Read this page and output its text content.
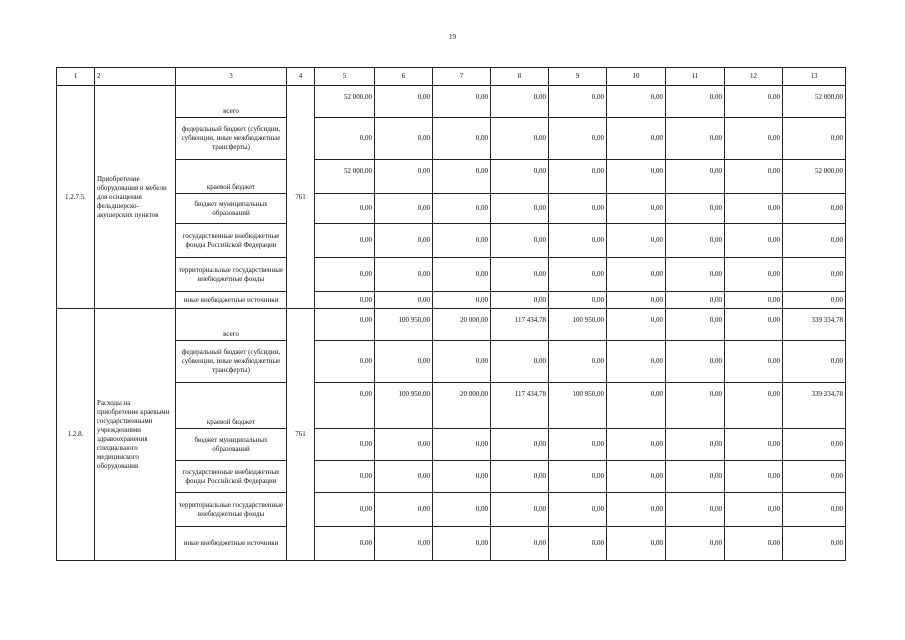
19
1	2	3	4	5	6	7	8	9	10	11	12	13
1.2.7.5.	Приобретение оборудования и мебели для оснащения фельдшерско-акушерских пунктов	всего	761	52 000,00	0,00	0,00	0,00	0,00	0,00	0,00	0,00	52 000,00
		федеральный бюджет (субсидии, субвенции, иные межбюджетные трансферты)		0,00	0,00	0,00	0,00	0,00	0,00	0,00	0,00	0,00
		краевой бюджет		52 000,00	0,00	0,00	0,00	0,00	0,00	0,00	0,00	52 000,00
		бюджет муниципальных образований		0,00	0,00	0,00	0,00	0,00	0,00	0,00	0,00	0,00
		государственные внебюджетные фонды Российской Федерации		0,00	0,00	0,00	0,00	0,00	0,00	0,00	0,00	0,00
		территориальные государственные внебюджетные фонды		0,00	0,00	0,00	0,00	0,00	0,00	0,00	0,00	0,00
		иные внебюджетные источники		0,00	0,00	0,00	0,00	0,00	0,00	0,00	0,00	0,00
1.2.8.	Расходы на приобретение краевыми государственными учреждениями здравоохранения специального медицинского оборудования	всего	761	0,00	100 950,00	20 000,00	117 434,78	100 950,00	0,00	0,00	0,00	339 334,78
		федеральный бюджет (субсидии, субвенции, иные межбюджетные трансферты)		0,00	0,00	0,00	0,00	0,00	0,00	0,00	0,00	0,00
		краевой бюджет		0,00	100 950,00	20 000,00	117 434,78	100 950,00	0,00	0,00	0,00	339 334,78
		бюджет муниципальных образований		0,00	0,00	0,00	0,00	0,00	0,00	0,00	0,00	0,00
		государственные внебюджетные фонды Российской Федерации		0,00	0,00	0,00	0,00	0,00	0,00	0,00	0,00	0,00
		территориальные государственные внебюджетные фонды		0,00	0,00	0,00	0,00	0,00	0,00	0,00	0,00	0,00
		иные внебюджетные источники		0,00	0,00	0,00	0,00	0,00	0,00	0,00	0,00	0,00
